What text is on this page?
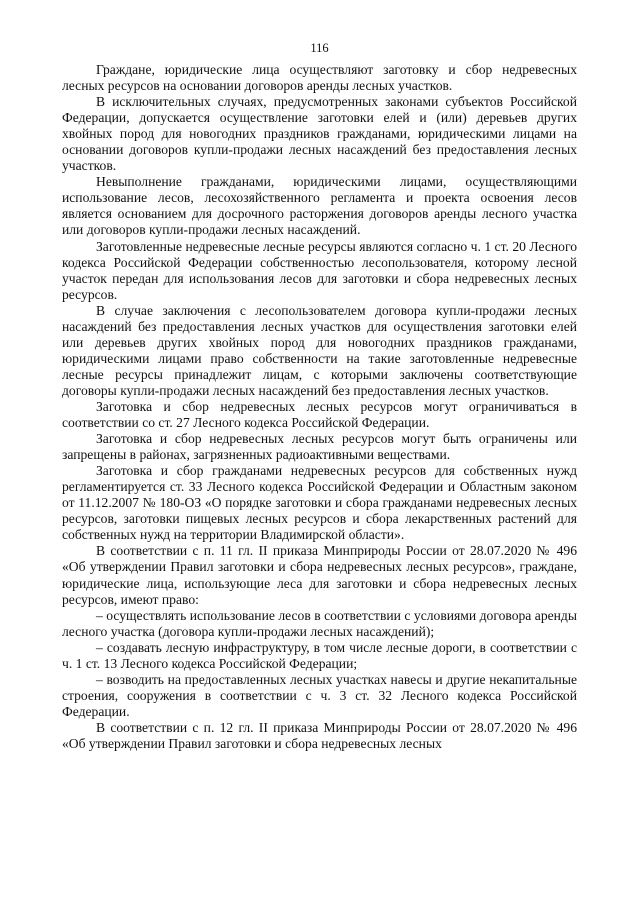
116

Граждане, юридические лица осуществляют заготовку и сбор недревесных лесных ресурсов на основании договоров аренды лесных участков.

В исключительных случаях, предусмотренных законами субъектов Российской Федерации, допускается осуществление заготовки елей и (или) деревьев других хвойных пород для новогодних праздников гражданами, юридическими лицами на основании договоров купли-продажи лесных насаждений без предоставления лесных участков.

Невыполнение гражданами, юридическими лицами, осуществляющими использование лесов, лесохозяйственного регламента и проекта освоения лесов является основанием для досрочного расторжения договоров аренды лесного участка или договоров купли-продажи лесных насаждений.

Заготовленные недревесные лесные ресурсы являются согласно ч. 1 ст. 20 Лесного кодекса Российской Федерации собственностью лесопользователя, которому лесной участок передан для использования лесов для заготовки и сбора недревесных лесных ресурсов.

В случае заключения с лесопользователем договора купли-продажи лесных насаждений без предоставления лесных участков для осуществления заготовки елей или деревьев других хвойных пород для новогодних праздников гражданами, юридическими лицами право собственности на такие заготовленные недревесные лесные ресурсы принадлежит лицам, с которыми заключены соответствующие договоры купли-продажи лесных насаждений без предоставления лесных участков.

Заготовка и сбор недревесных лесных ресурсов могут ограничиваться в соответствии со ст. 27 Лесного кодекса Российской Федерации.

Заготовка и сбор недревесных лесных ресурсов могут быть ограничены или запрещены в районах, загрязненных радиоактивными веществами.

Заготовка и сбор гражданами недревесных ресурсов для собственных нужд регламентируется ст. 33 Лесного кодекса Российской Федерации и Областным законом от 11.12.2007 № 180-ОЗ «О порядке заготовки и сбора гражданами недревесных лесных ресурсов, заготовки пищевых лесных ресурсов и сбора лекарственных растений для собственных нужд на территории Владимирской области».

В соответствии с п. 11 гл. II приказа Минприроды России от 28.07.2020 № 496 «Об утверждении Правил заготовки и сбора недревесных лесных ресурсов», граждане, юридические лица, использующие леса для заготовки и сбора недревесных лесных ресурсов, имеют право:

– осуществлять использование лесов в соответствии с условиями договора аренды лесного участка (договора купли-продажи лесных насаждений);

– создавать лесную инфраструктуру, в том числе лесные дороги, в соответствии с ч. 1 ст. 13 Лесного кодекса Российской Федерации;

– возводить на предоставленных лесных участках навесы и другие некапитальные строения, сооружения в соответствии с ч. 3 ст. 32 Лесного кодекса Российской Федерации.

В соответствии с п. 12 гл. II приказа Минприроды России от 28.07.2020 № 496 «Об утверждении Правил заготовки и сбора недревесных лесных
